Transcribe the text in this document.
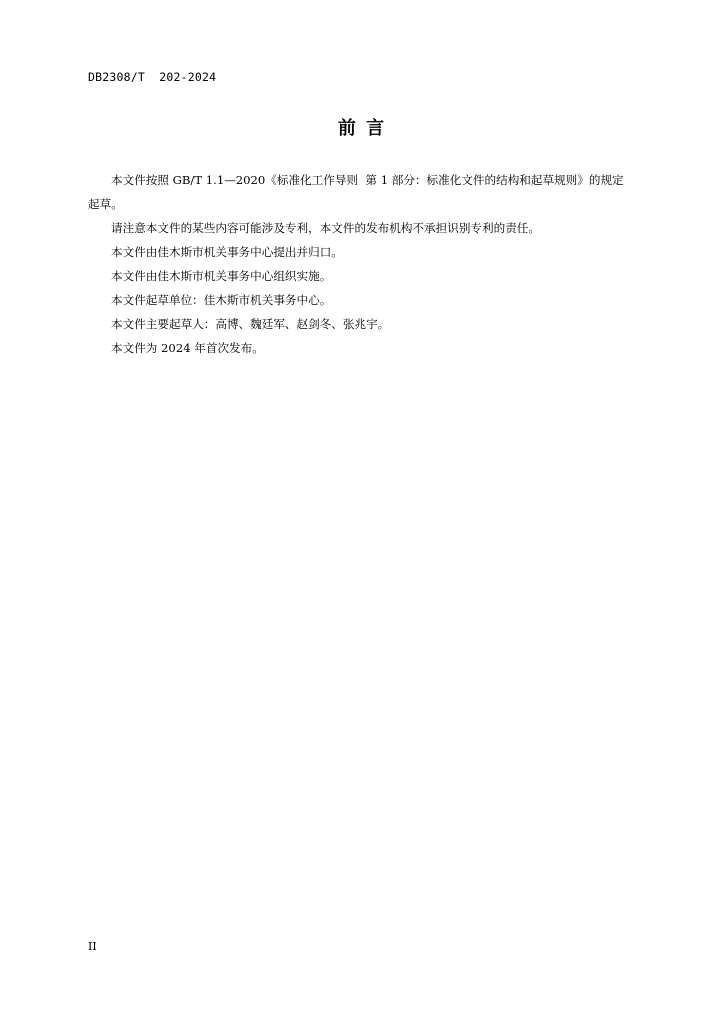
DB2308/T  202-2024
前 言

本文件按照 GB/T 1.1—2020《标准化工作导则  第 1 部分：标准化文件的结构和起草规则》的规定

起草。

请注意本文件的某些内容可能涉及专利，本文件的发布机构不承担识别专利的责任。

本文件由佳木斯市机关事务中心提出并归口。

本文件由佳木斯市机关事务中心组织实施。

本文件起草单位：佳木斯市机关事务中心。

本文件主要起草人：高博、魏廷军、赵剑冬、张兆宇。

本文件为 2024 年首次发布。

II
